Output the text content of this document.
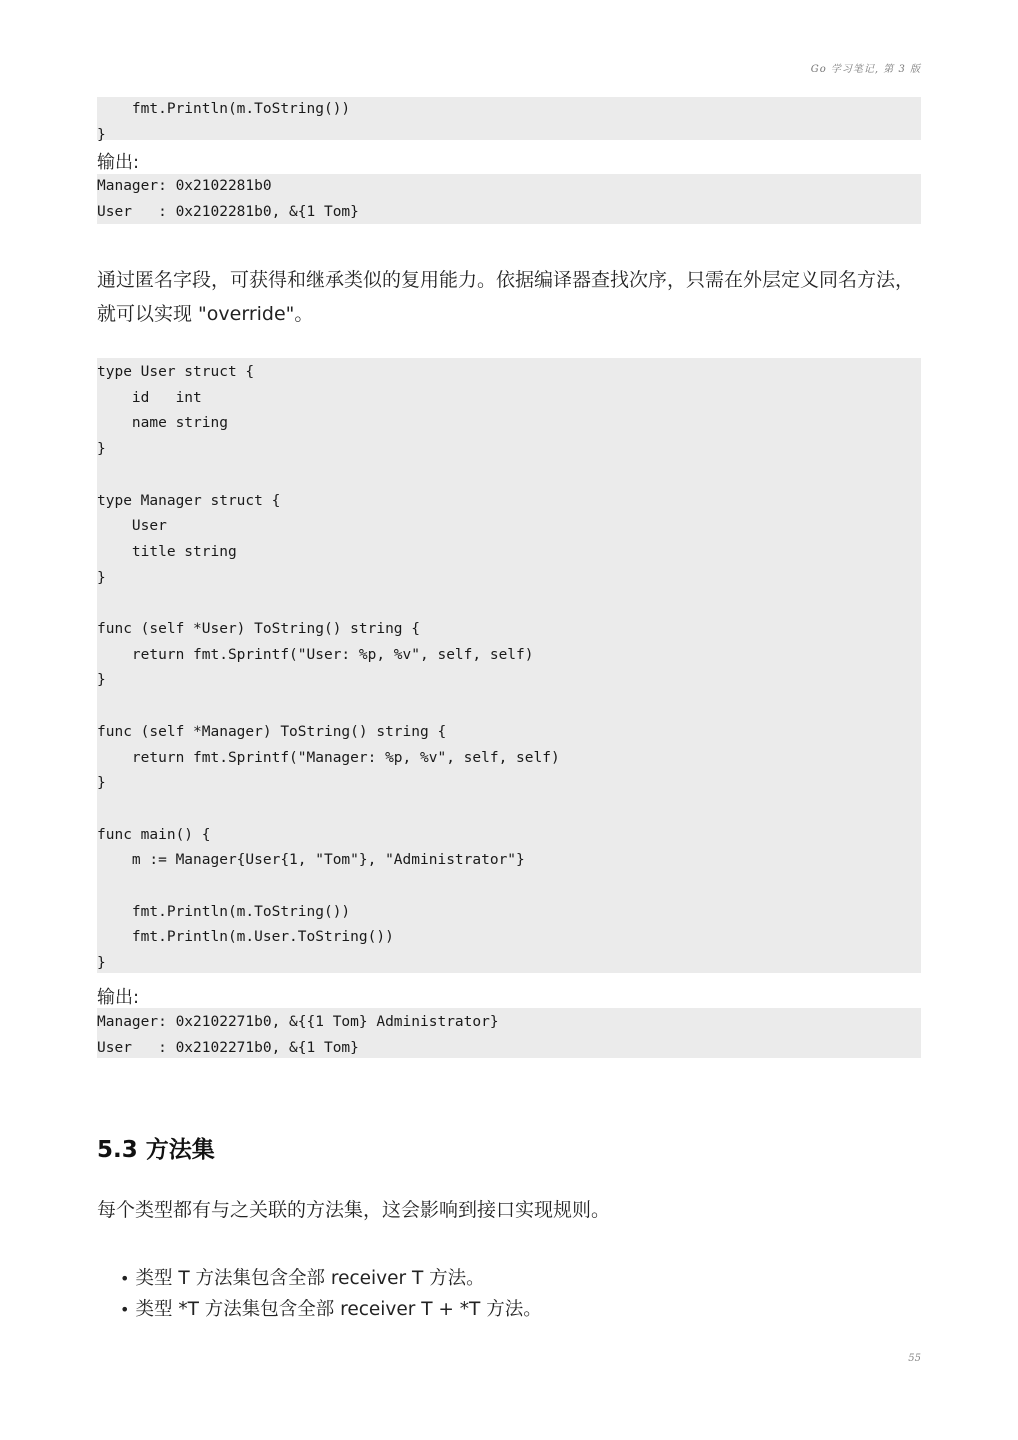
Go 学习笔记, 第 3 版
fmt.Println(m.ToString())
}
输出:
Manager: 0x2102281b0
User   : 0x2102281b0, &{1 Tom}
通过匿名字段，可获得和继承类似的复用能力。依据编译器查找次序，只需在外层定义同名方法，就可以实现 "override"。
type User struct {
id   int
name string
}

type Manager struct {
User
title string
}

func (self *User) ToString() string {
return fmt.Sprintf("User: %p, %v", self, self)
}

func (self *Manager) ToString() string {
return fmt.Sprintf("Manager: %p, %v", self, self)
}

func main() {
m := Manager{User{1, "Tom"}, "Administrator"}

fmt.Println(m.ToString())
fmt.Println(m.User.ToString())
}
输出:
Manager: 0x2102271b0, &{{1 Tom} Administrator}
User   : 0x2102271b0, &{1 Tom}
5.3 方法集
每个类型都有与之关联的方法集，这会影响到接口实现规则。
• 类型 T 方法集包含全部 receiver T 方法。
• 类型 *T 方法集包含全部 receiver T + *T 方法。
55
